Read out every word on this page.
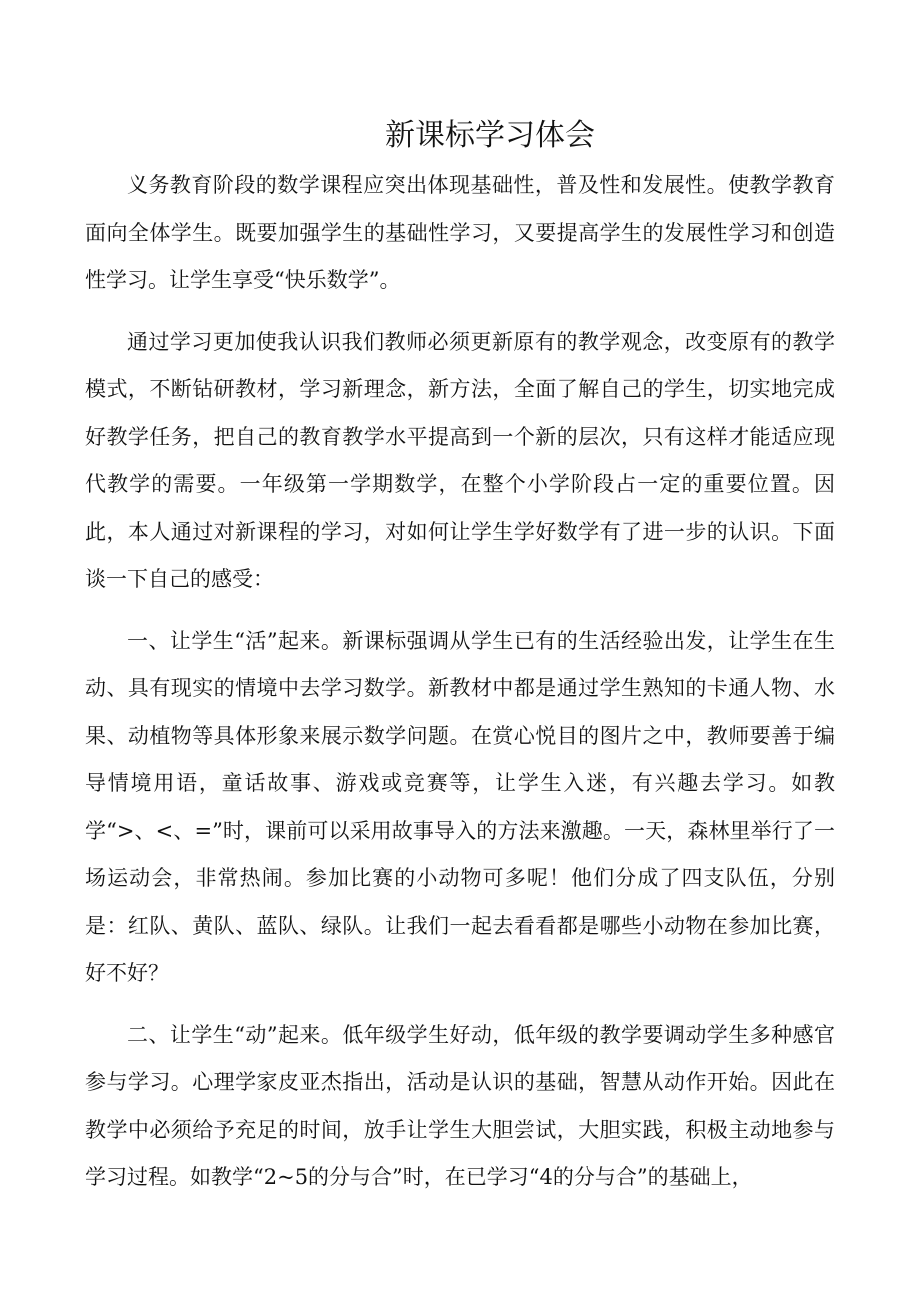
新课标学习体会

义务教育阶段的数学课程应突出体现基础性，普及性和发展性。使教学教育面向全体学生。既要加强学生的基础性学习，又要提高学生的发展性学习和创造性学习。让学生享受“快乐数学”。

通过学习更加使我认识我们教师必须更新原有的教学观念，改变原有的教学模式，不断钻研教材，学习新理念，新方法，全面了解自己的学生，切实地完成好教学任务，把自己的教育教学水平提高到一个新的层次，只有这样才能适应现代教学的需要。一年级第一学期数学，在整个小学阶段占一定的重要位置。因此，本人通过对新课程的学习，对如何让学生学好数学有了进一步的认识。下面谈一下自己的感受：

一、让学生“活”起来。新课标强调从学生已有的生活经验出发，让学生在生动、具有现实的情境中去学习数学。新教材中都是通过学生熟知的卡通人物、水果、动植物等具体形象来展示数学问题。在赏心悦目的图片之中，教师要善于编导情境用语，童话故事、游戏或竞赛等，让学生入迷，有兴趣去学习。如教学“>、<、=”时，课前可以采用故事导入的方法来激趣。一天，森林里举行了一场运动会，非常热闹。参加比赛的小动物可多呢！他们分成了四支队伍，分别是：红队、黄队、蓝队、绿队。让我们一起去看看都是哪些小动物在参加比赛，好不好？

二、让学生“动”起来。低年级学生好动，低年级的教学要调动学生多种感官参与学习。心理学家皮亚杰指出，活动是认识的基础，智慧从动作开始。因此在教学中必须给予充足的时间，放手让学生大胆尝试，大胆实践，积极主动地参与学习过程。如教学“2~5的分与合”时，在已学习“4的分与合”的基础上，
